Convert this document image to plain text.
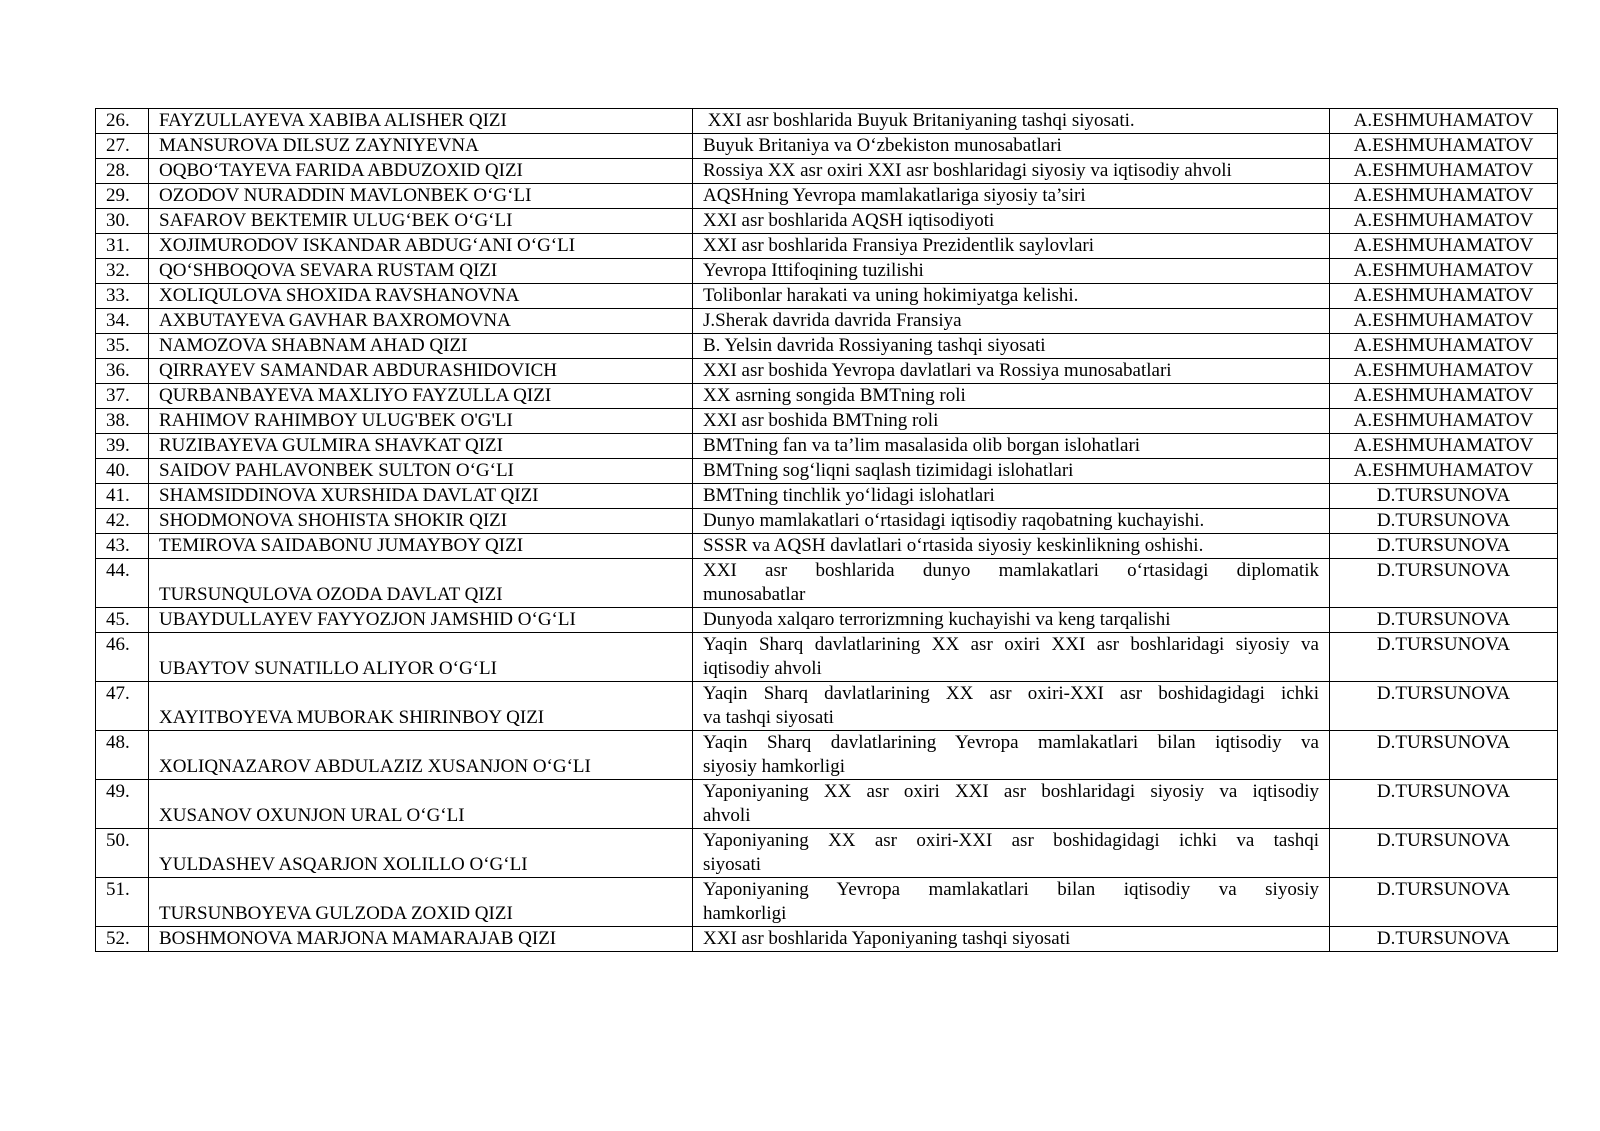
26.	FAYZULLAYEVA XABIBA ALISHER QIZI	XXI asr boshlarida Buyuk Britaniyaning tashqi siyosati.	A.ESHMUHAMATOV
27.	MANSUROVA DILSUZ ZAYNIYEVNA	Buyuk Britaniya va O‘zbekiston munosabatlari	A.ESHMUHAMATOV
28.	OQBO‘TAYEVA FARIDA ABDUZOXID QIZI	Rossiya XX asr oxiri XXI asr boshlaridagi siyosiy va iqtisodiy ahvoli	A.ESHMUHAMATOV
29.	OZODOV NURADDIN MAVLONBEK O‘G‘LI	AQSHning Yevropa mamlakatlariga siyosiy ta’siri	A.ESHMUHAMATOV
30.	SAFAROV BEKTEMIR ULUG‘BEK O‘G‘LI	XXI asr boshlarida AQSH iqtisodiyoti	A.ESHMUHAMATOV
31.	XOJIMURODOV ISKANDAR ABDUG‘ANI O‘G‘LI	XXI asr boshlarida Fransiya Prezidentlik saylovlari	A.ESHMUHAMATOV
32.	QO‘SHBOQOVA SEVARA RUSTAM QIZI	Yevropa Ittifoqining tuzilishi	A.ESHMUHAMATOV
33.	XOLIQULOVA SHOXIDA RAVSHANOVNA	Tolibonlar harakati va uning hokimiyatga kelishi.	A.ESHMUHAMATOV
34.	AXBUTAYEVA GAVHAR BAXROMOVNA	J.Sherak davrida davrida Fransiya	A.ESHMUHAMATOV
35.	NAMOZOVA SHABNAM AHAD QIZI	B. Yelsin davrida Rossiyaning tashqi siyosati	A.ESHMUHAMATOV
36.	QIRRAYEV SAMANDAR ABDURASHIDOVICH	XXI asr boshida Yevropa davlatlari va Rossiya munosabatlari	A.ESHMUHAMATOV
37.	QURBANBAYEVA MAXLIYO FAYZULLA QIZI	XX asrning songida BMTning roli	A.ESHMUHAMATOV
38.	RAHIMOV RAHIMBOY ULUG'BEK O'G'LI	XXI asr boshida BMTning roli	A.ESHMUHAMATOV
39.	RUZIBAYEVA GULMIRA SHAVKAT QIZI	BMTning fan va ta’lim masalasida olib borgan islohatlari	A.ESHMUHAMATOV
40.	SAIDOV PAHLAVONBEK SULTON O‘G‘LI	BMTning sog‘liqni saqlash tizimidagi islohatlari	A.ESHMUHAMATOV
41.	SHAMSIDDINOVA XURSHIDA DAVLAT QIZI	BMTning tinchlik yo‘lidagi islohatlari	D.TURSUNOVA
42.	SHODMONOVA SHOHISTA SHOKIR QIZI	Dunyo mamlakatlari o‘rtasidagi iqtisodiy raqobatning kuchayishi.	D.TURSUNOVA
43.	TEMIROVA SAIDABONU JUMAYBOY QIZI	SSSR va AQSH davlatlari o‘rtasida siyosiy keskinlikning oshishi.	D.TURSUNOVA
44.	TURSUNQULOVA OZODA DAVLAT QIZI	XXI asr boshlarida dunyo mamlakatlari o‘rtasidagi diplomatik
munosabatlar	D.TURSUNOVA
45.	UBAYDULLAYEV FAYYOZJON JAMSHID O‘G‘LI	Dunyoda xalqaro terrorizmning kuchayishi va keng tarqalishi	D.TURSUNOVA
46.	UBAYTOV SUNATILLO ALIYOR O‘G‘LI	Yaqin Sharq davlatlarining XX asr oxiri XXI asr boshlaridagi siyosiy va
iqtisodiy ahvoli	D.TURSUNOVA
47.	XAYITBOYEVA MUBORAK SHIRINBOY QIZI	Yaqin Sharq davlatlarining XX asr oxiri-XXI asr boshidagidagi ichki
va tashqi siyosati	D.TURSUNOVA
48.	XOLIQNAZAROV ABDULAZIZ XUSANJON O‘G‘LI	Yaqin Sharq davlatlarining Yevropa mamlakatlari bilan iqtisodiy va
siyosiy hamkorligi	D.TURSUNOVA
49.	XUSANOV OXUNJON URAL O‘G‘LI	Yaponiyaning XX asr oxiri XXI asr boshlaridagi siyosiy va iqtisodiy
ahvoli	D.TURSUNOVA
50.	YULDASHEV ASQARJON XOLILLO O‘G‘LI	Yaponiyaning XX asr oxiri-XXI asr boshidagidagi ichki va tashqi
siyosati	D.TURSUNOVA
51.	TURSUNBOYEVA GULZODA ZOXID QIZI	Yaponiyaning Yevropa mamlakatlari bilan iqtisodiy va siyosiy
hamkorligi	D.TURSUNOVA
52.	BOSHMONOVA MARJONA MAMARAJAB QIZI	XXI asr boshlarida Yaponiyaning tashqi siyosati	D.TURSUNOVA
